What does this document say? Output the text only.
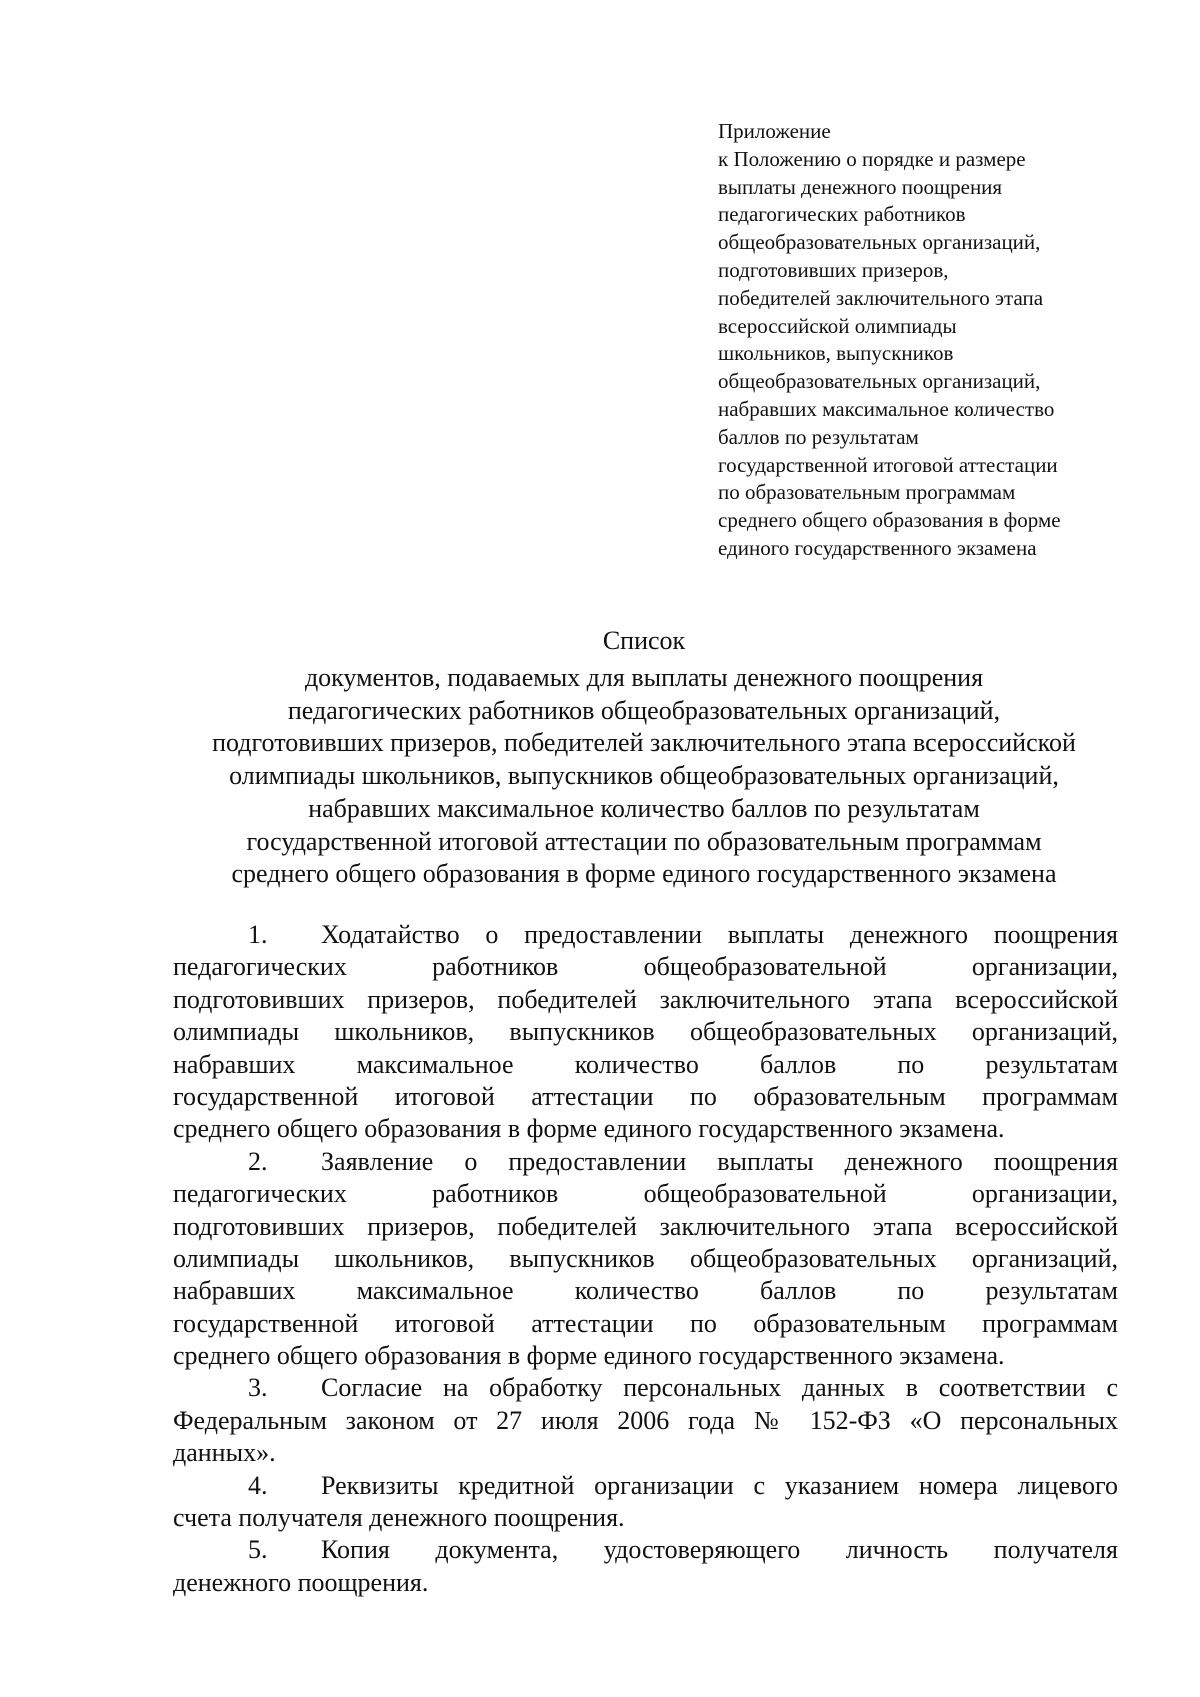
Приложение
к Положению о порядке и размере
выплаты денежного поощрения
педагогических работников
общеобразовательных организаций,
подготовивших призеров,
победителей заключительного этапа
всероссийской олимпиады
школьников, выпускников
общеобразовательных организаций,
набравших максимальное количество
баллов по результатам
государственной итоговой аттестации
по образовательным программам
среднего общего образования в форме
единого государственного экзамена
Список
документов, подаваемых для выплаты денежного поощрения
педагогических работников общеобразовательных организаций,
подготовивших призеров, победителей заключительного этапа всероссийской
олимпиады школьников, выпускников общеобразовательных организаций,
набравших максимальное количество баллов по результатам
государственной итоговой аттестации по образовательным программам
среднего общего образования в форме единого государственного экзамена
1. Ходатайство о предоставлении выплаты денежного поощрения
педагогических работников общеобразовательной организации,
подготовивших призеров, победителей заключительного этапа всероссийской
олимпиады школьников, выпускников общеобразовательных организаций,
набравших максимальное количество баллов по результатам
государственной итоговой аттестации по образовательным программам
среднего общего образования в форме единого государственного экзамена.
2. Заявление о предоставлении выплаты денежного поощрения
педагогических работников общеобразовательной организации,
подготовивших призеров, победителей заключительного этапа всероссийской
олимпиады школьников, выпускников общеобразовательных организаций,
набравших максимальное количество баллов по результатам
государственной итоговой аттестации по образовательным программам
среднего общего образования в форме единого государственного экзамена.
3. Согласие на обработку персональных данных в соответствии с
Федеральным законом от 27 июля 2006 года № 152-ФЗ «О персональных
данных».
4. Реквизиты кредитной организации с указанием номера лицевого
счета получателя денежного поощрения.
5. Копия документа, удостоверяющего личность получателя
денежного поощрения.
